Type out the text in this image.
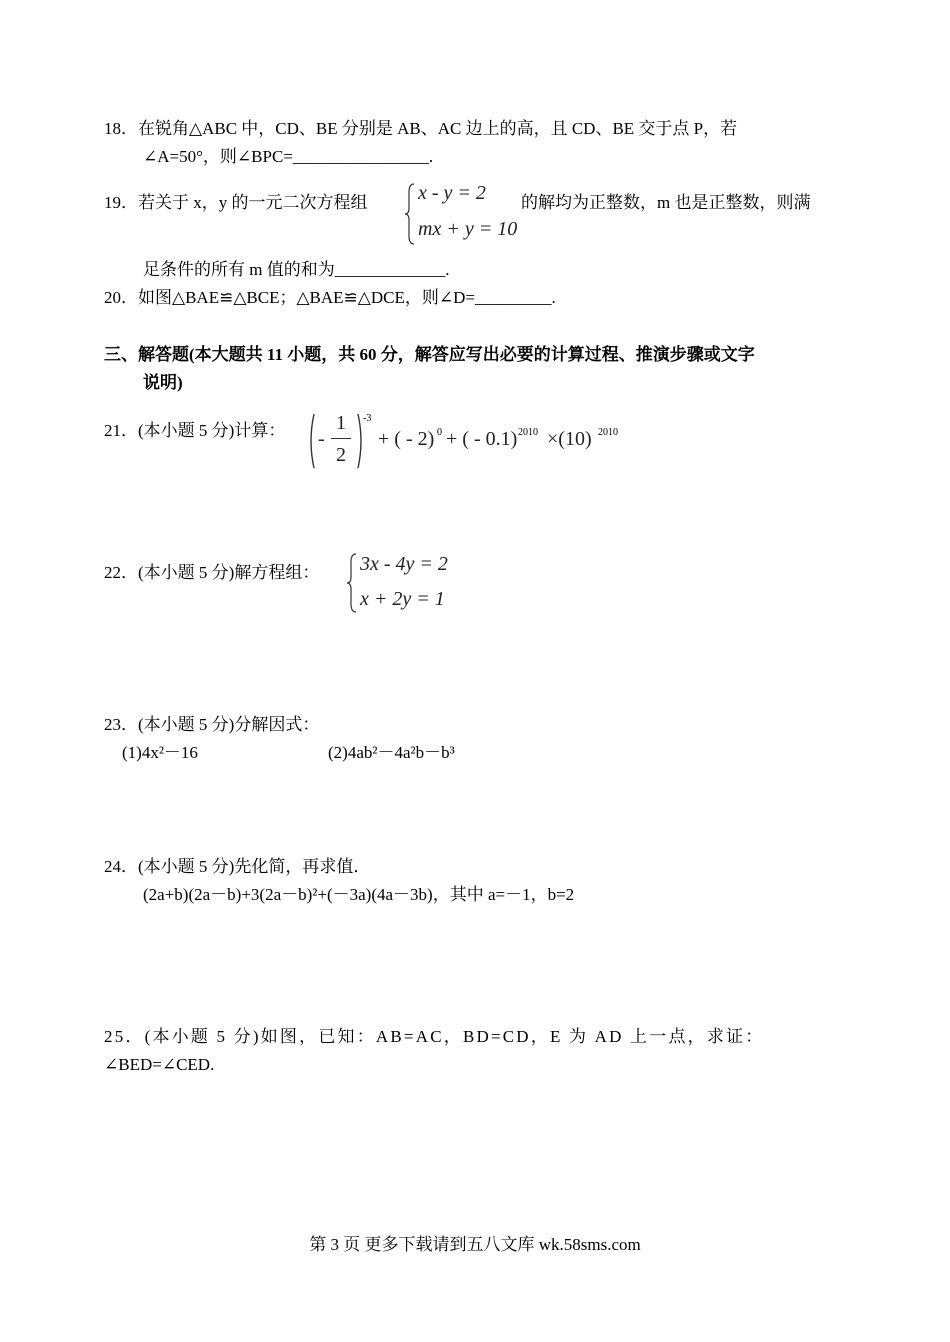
18．在锐角△ABC 中，CD、BE 分别是 AB、AC 边上的高，且 CD、BE 交于点 P，若
∠A=50°，则∠BPC=________________.
19．若关于 x，y 的一元二次方程组	x - y = 2
mx + y = 10
的解均为正整数，m 也是正整数，则满
足条件的所有 m 值的和为_____________.
20．如图△BAE≌△BCE；△BAE≌△DCE，则∠D=_________.
三、解答题(本大题共 11 小题，共 60 分，解答应写出必要的计算过程、推演步骤或文字
说明)
21．(本小题 5 分)计算： -
1
2
-3
+ ( - 2) 0 + ( - 0.1) 2010 ×(10) 2010
22．(本小题 5 分)解方程组： 3x - 4y = 2
x + 2y = 1
23．(本小题 5 分)分解因式：
(1)4x²－16	(2)4ab²－4a²b－b³
24．(本小题 5 分)先化简，再求值．
(2a+b)(2a－b)+3(2a－b)²+(－3a)(4a－3b)，其中 a=－1，b=2
25．(本小题 5 分)如图，已知：AB=AC，BD=CD，E 为 AD 上一点，求证：
∠BED=∠CED.
第 3 页 更多下载请到五八文库 wk.58sms.com
